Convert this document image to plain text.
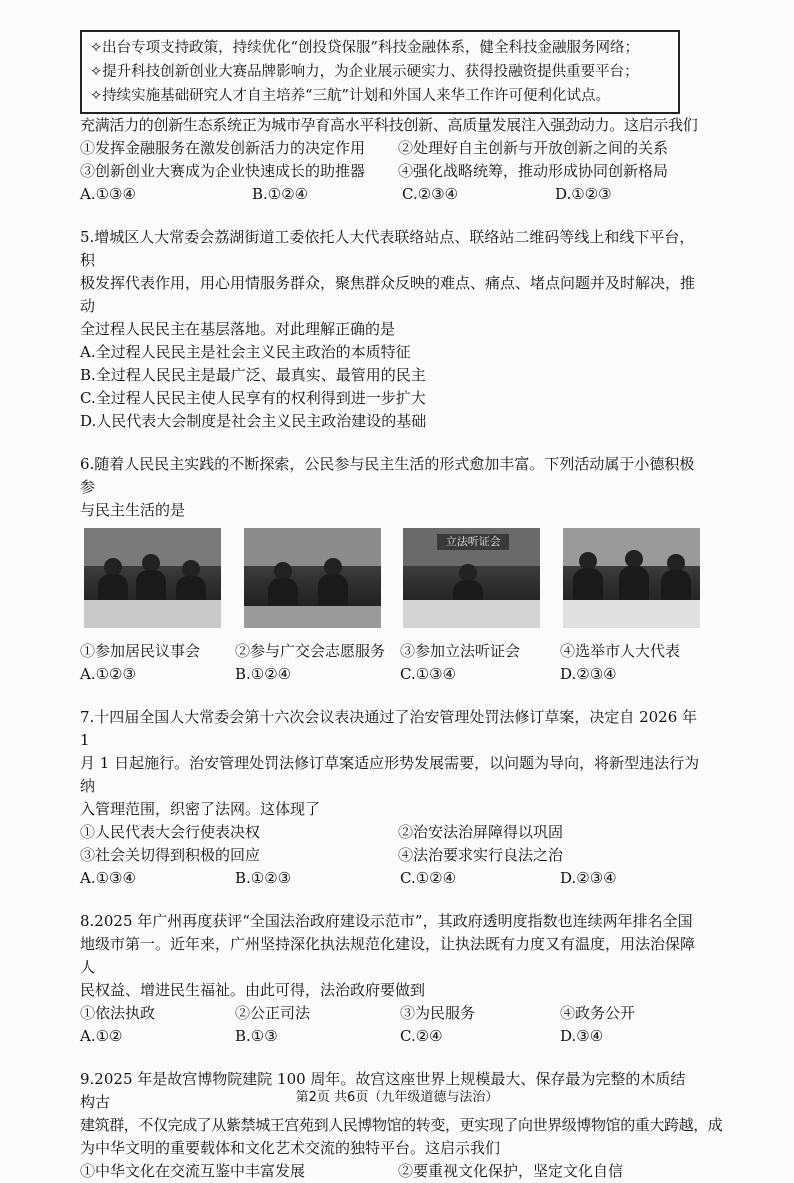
✧出台专项支持政策，持续优化“创投贷保服”科技金融体系，健全科技金融服务网络；
✧提升科技创新创业大赛品牌影响力，为企业展示硬实力、获得投融资提供重要平台；
✧持续实施基础研究人才自主培养“三航”计划和外国人来华工作许可便利化试点。

充满活力的创新生态系统正为城市孕育高水平科技创新、高质量发展注入强劲动力。这启示我们

①发挥金融服务在激发创新活力的决定作用	②处理好自主创新与开放创新之间的关系
③创新创业大赛成为企业快速成长的助推器	④强化战略统筹，推动形成协同创新格局
A.①③④	B.①②④	C.②③④	D.①②③

5.增城区人大常委会荔湖街道工委依托人大代表联络站点、联络站二维码等线上和线下平台，积

极发挥代表作用，用心用情服务群众，聚焦群众反映的难点、痛点、堵点问题并及时解决，推动

全过程人民民主在基层落地。对此理解正确的是

A.全过程人民民主是社会主义民主政治的本质特征

B.全过程人民民主是最广泛、最真实、最管用的民主

C.全过程人民民主使人民享有的权利得到进一步扩大

D.人民代表大会制度是社会主义民主政治建设的基础

6.随着人民民主实践的不断探索，公民参与民主生活的形式愈加丰富。下列活动属于小德积极参

与民主生活的是

立法听证会
①参加居民议事会	②参与广交会志愿服务 ③参加立法听证会	④选举市人大代表
A.①②③	B.①②④	C.①③④	D.②③④

7.十四届全国人大常委会第十六次会议表决通过了治安管理处罚法修订草案，决定自 2026 年 1

月 1 日起施行。治安管理处罚法修订草案适应形势发展需要，以问题为导向，将新型违法行为纳

入管理范围，织密了法网。这体现了

①人民代表大会行使表决权	②治安法治屏障得以巩固
③社会关切得到积极的回应	④法治要求实行良法之治
A.①③④	B.①②③	C.①②④	D.②③④

8.2025 年广州再度获评“全国法治政府建设示范市”，其政府透明度指数也连续两年排名全国

地级市第一。近年来，广州坚持深化执法规范化建设，让执法既有力度又有温度，用法治保障人

民权益、增进民生福祉。由此可得，法治政府要做到

①依法执政	②公正司法	③为民服务	④政务公开
A.①②	B.①③	C.②④	D.③④

9.2025 年是故宫博物院建院 100 周年。故宫这座世界上规模最大、保存最为完整的木质结构古

建筑群，不仅完成了从紫禁城王宫苑到人民博物馆的转变，更实现了向世界级博物馆的重大跨越，成

为中华文明的重要载体和文化艺术交流的独特平台。这启示我们

①中华文化在交流互鉴中丰富发展	②要重视文化保护，坚定文化自信
第2页 共6页（九年级道德与法治）
